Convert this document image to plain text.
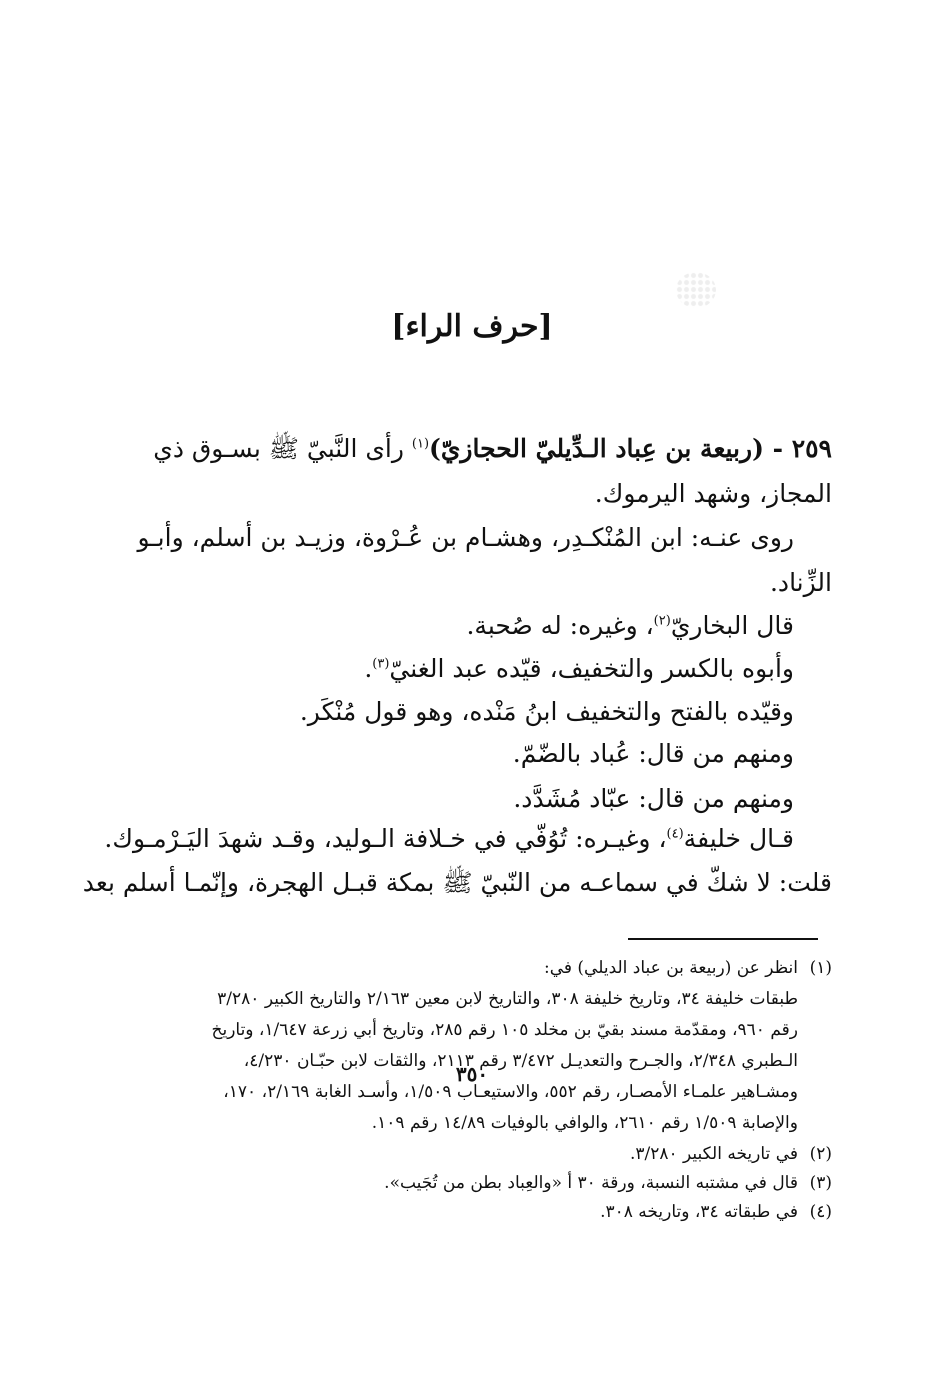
[حرف الراء]
٢٥٩ - (ربيعة بن عِباد الـدِّيليّ الحجازيّ)$^{(١)}$ رأى النَّبيّ ﷺ بسـوق ذي
المجاز، وشهد اليرموك.
روى عنـه: ابن المُنْكـدِر، وهشـام بن عُـرْوة، وزيـد بن أسلم، وأبـو
الزِّناد.
قال البخاريّ$^{(٢)}$، وغيره: له صُحبة.
وأبوه بالكسر والتخفيف، قيّده عبد الغنيّ$^{(٣)}$.
وقيّده بالفتح والتخفيف ابنُ مَنْده، وهو قول مُنْكَر.
ومنهم من قال: عُباد بالضّمّ.
ومنهم من قال: عبّاد مُشَدَّد.
قـال خليفة$^{(٤)}$، وغيـره: تُوُفّي في خـلافة الـوليد، وقـد شهدَ اليَـرْمـوك.
قلت: لا شكّ في سماعـه من النّبيّ ﷺ بمكة قبـل الهجرة، وإنّمـا أسلم بعد
(١)انظر عن (ربيعة بن عباد الديلي) في:
طبقات خليفة ٣٤، وتاريخ خليفة ٣٠٨، والتاريخ لابن معين ٢/١٦٣ والتاريخ الكبير ٣/٢٨٠
رقم ٩٦٠، ومقدّمة مسند بقيّ بن مخلد ١٠٥ رقم ٢٨٥، وتاريخ أبي زرعة ١/٦٤٧، وتاريخ
الـطبري ٢/٣٤٨، والجـرح والتعديـل ٣/٤٧٢ رقم ٢١١٣، والثقات لابن حبّـان ٤/٢٣٠،
ومشـاهير علمـاء الأمصـار، رقم ٥٥٢، والاستيعـاب ١/٥٠٩، وأسـد الغابة ٢/١٦٩، ١٧٠،
والإصابة ١/٥٠٩ رقم ٢٦١٠، والوافي بالوفيات ١٤/٨٩ رقم ١٠٩.
(٢)في تاريخه الكبير ٣/٢٨٠.
(٣)قال في مشتبه النسبة، ورقة ٣٠ أ «والعِباد بطن من تُجَيب».
(٤)في طبقاته ٣٤، وتاريخه ٣٠٨.
٣٥٠
